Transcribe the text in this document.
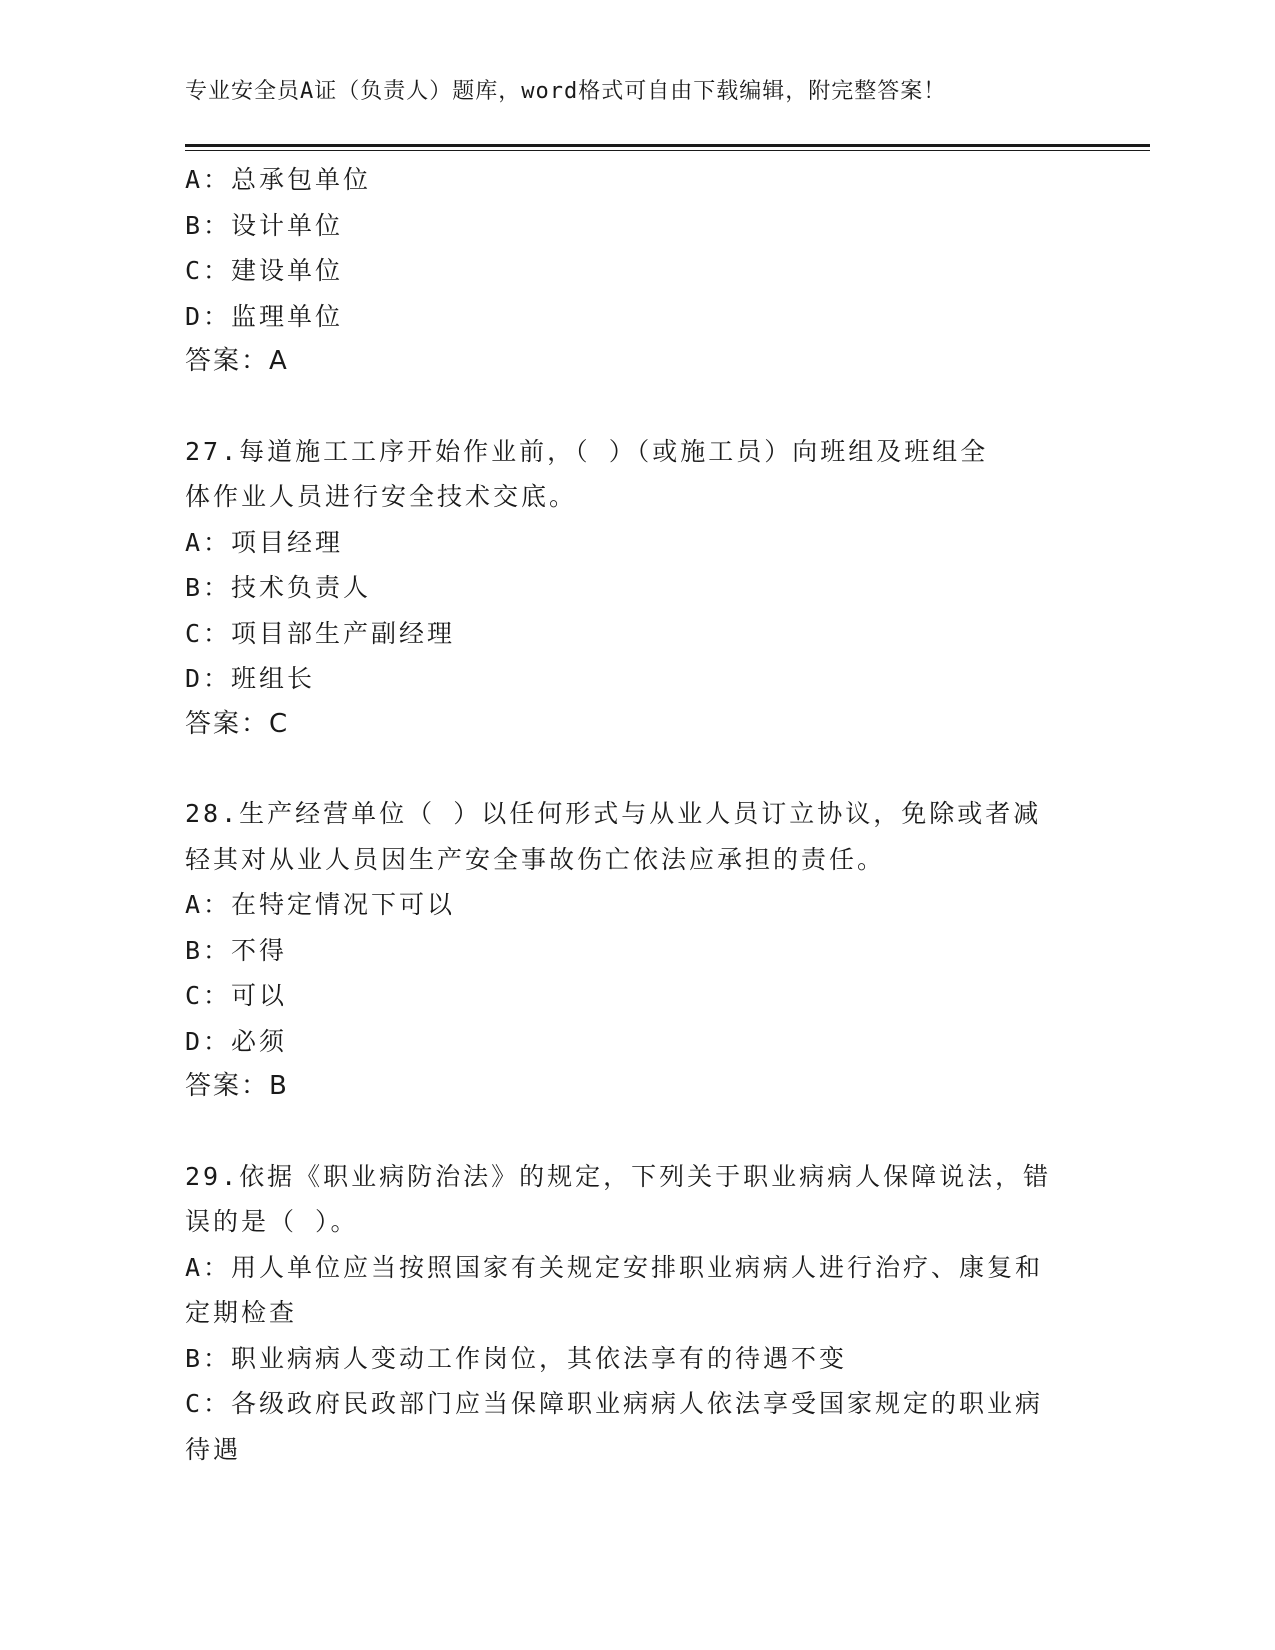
专业安全员A证（负责人）题库，word格式可自由下载编辑，附完整答案！
A：总承包单位
B：设计单位
C：建设单位
D：监理单位
答案：A
27.每道施工工序开始作业前，（ ）（或施工员）向班组及班组全
体作业人员进行安全技术交底。
A：项目经理
B：技术负责人
C：项目部生产副经理
D：班组长
答案：C
28.生产经营单位（ ）以任何形式与从业人员订立协议，免除或者减
轻其对从业人员因生产安全事故伤亡依法应承担的责任。
A：在特定情况下可以
B：不得
C：可以
D：必须
答案：B
29.依据《职业病防治法》的规定，下列关于职业病病人保障说法，错
误的是（ ）。
A：用人单位应当按照国家有关规定安排职业病病人进行治疗、康复和
定期检查
B：职业病病人变动工作岗位，其依法享有的待遇不变
C：各级政府民政部门应当保障职业病病人依法享受国家规定的职业病
待遇
